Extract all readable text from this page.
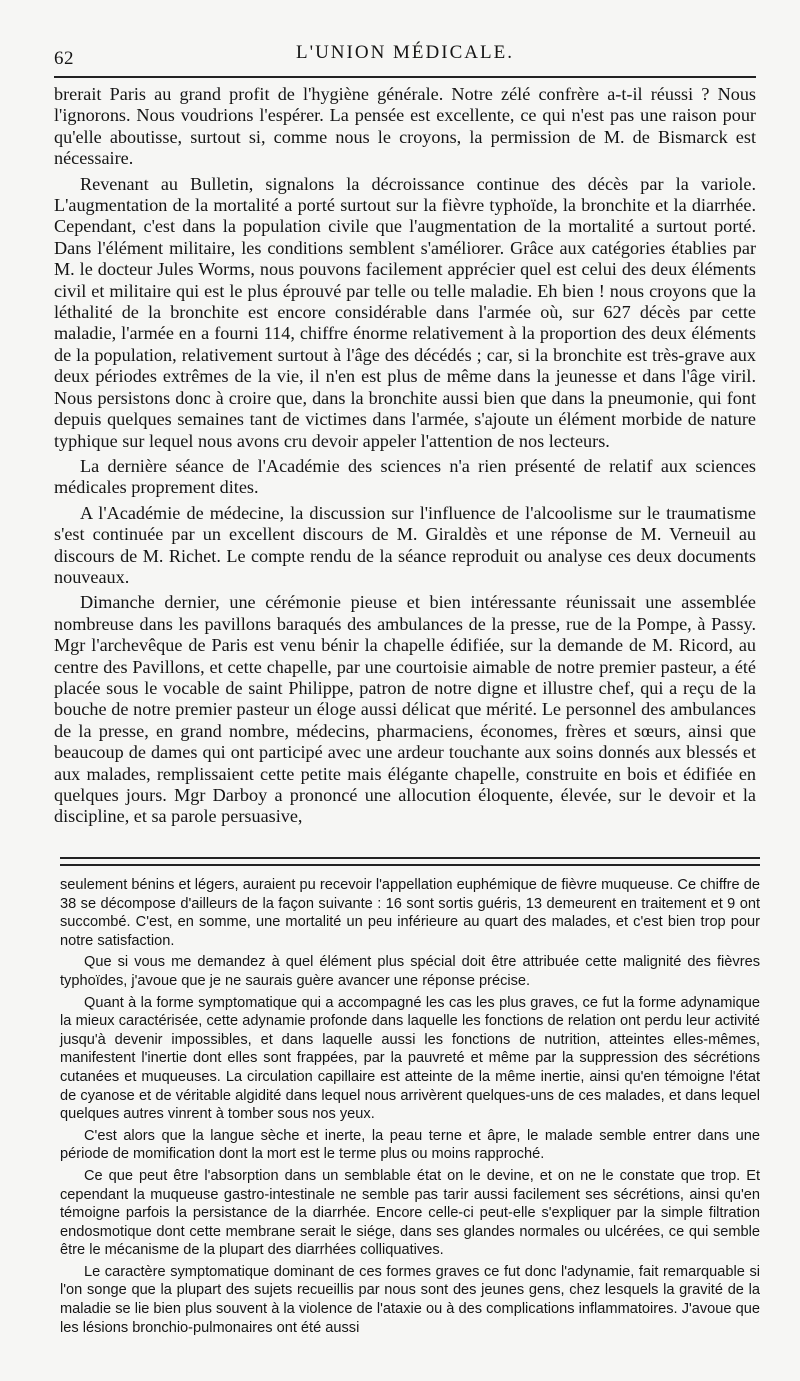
62	L'UNION MÉDICALE.

brerait Paris au grand profit de l'hygiène générale. Notre zélé confrère a-t-il réussi ? Nous l'ignorons. Nous voudrions l'espérer. La pensée est excellente, ce qui n'est pas une raison pour qu'elle aboutisse, surtout si, comme nous le croyons, la permission de M. de Bismarck est nécessaire.

Revenant au Bulletin, signalons la décroissance continue des décès par la variole. L'augmentation de la mortalité a porté surtout sur la fièvre typhoïde, la bronchite et la diarrhée. Cependant, c'est dans la population civile que l'augmentation de la mortalité a surtout porté. Dans l'élément militaire, les conditions semblent s'améliorer. Grâce aux catégories établies par M. le docteur Jules Worms, nous pouvons facilement apprécier quel est celui des deux éléments civil et militaire qui est le plus éprouvé par telle ou telle maladie. Eh bien ! nous croyons que la léthalité de la bronchite est encore considérable dans l'armée où, sur 627 décès par cette maladie, l'armée en a fourni 114, chiffre énorme relativement à la proportion des deux éléments de la population, relativement surtout à l'âge des décédés ; car, si la bronchite est très-grave aux deux périodes extrêmes de la vie, il n'en est plus de même dans la jeunesse et dans l'âge viril. Nous persistons donc à croire que, dans la bronchite aussi bien que dans la pneumonie, qui font depuis quelques semaines tant de victimes dans l'armée, s'ajoute un élément morbide de nature typhique sur lequel nous avons cru devoir appeler l'attention de nos lecteurs.

La dernière séance de l'Académie des sciences n'a rien présenté de relatif aux sciences médicales proprement dites.

A l'Académie de médecine, la discussion sur l'influence de l'alcoolisme sur le traumatisme s'est continuée par un excellent discours de M. Giraldès et une réponse de M. Verneuil au discours de M. Richet. Le compte rendu de la séance reproduit ou analyse ces deux documents nouveaux.

Dimanche dernier, une cérémonie pieuse et bien intéressante réunissait une assemblée nombreuse dans les pavillons baraqués des ambulances de la presse, rue de la Pompe, à Passy. Mgr l'archevêque de Paris est venu bénir la chapelle édifiée, sur la demande de M. Ricord, au centre des Pavillons, et cette chapelle, par une courtoisie aimable de notre premier pasteur, a été placée sous le vocable de saint Philippe, patron de notre digne et illustre chef, qui a reçu de la bouche de notre premier pasteur un éloge aussi délicat que mérité. Le personnel des ambulances de la presse, en grand nombre, médecins, pharmaciens, économes, frères et sœurs, ainsi que beaucoup de dames qui ont participé avec une ardeur touchante aux soins donnés aux blessés et aux malades, remplissaient cette petite mais élégante chapelle, construite en bois et édifiée en quelques jours. Mgr Darboy a prononcé une allocution éloquente, élevée, sur le devoir et la discipline, et sa parole persuasive,

seulement bénins et légers, auraient pu recevoir l'appellation euphémique de fièvre muqueuse. Ce chiffre de 38 se décompose d'ailleurs de la façon suivante : 16 sont sortis guéris, 13 demeurent en traitement et 9 ont succombé. C'est, en somme, une mortalité un peu inférieure au quart des malades, et c'est bien trop pour notre satisfaction.

Que si vous me demandez à quel élément plus spécial doit être attribuée cette malignité des fièvres typhoïdes, j'avoue que je ne saurais guère avancer une réponse précise.

Quant à la forme symptomatique qui a accompagné les cas les plus graves, ce fut la forme adynamique la mieux caractérisée, cette adynamie profonde dans laquelle les fonctions de relation ont perdu leur activité jusqu'à devenir impossibles, et dans laquelle aussi les fonctions de nutrition, atteintes elles-mêmes, manifestent l'inertie dont elles sont frappées, par la pauvreté et même par la suppression des sécrétions cutanées et muqueuses. La circulation capillaire est atteinte de la même inertie, ainsi qu'en témoigne l'état de cyanose et de véritable algidité dans lequel nous arrivèrent quelques-uns de ces malades, et dans lequel quelques autres vinrent à tomber sous nos yeux.

C'est alors que la langue sèche et inerte, la peau terne et âpre, le malade semble entrer dans une période de momification dont la mort est le terme plus ou moins rapproché.

Ce que peut être l'absorption dans un semblable état on le devine, et on ne le constate que trop. Et cependant la muqueuse gastro-intestinale ne semble pas tarir aussi facilement ses sécrétions, ainsi qu'en témoigne parfois la persistance de la diarrhée. Encore celle-ci peut-elle s'expliquer par la simple filtration endosmotique dont cette membrane serait le siége, dans ses glandes normales ou ulcérées, ce qui semble être le mécanisme de la plupart des diarrhées colliquatives.

Le caractère symptomatique dominant de ces formes graves ce fut donc l'adynamie, fait remarquable si l'on songe que la plupart des sujets recueillis par nous sont des jeunes gens, chez lesquels la gravité de la maladie se lie bien plus souvent à la violence de l'ataxie ou à des complications inflammatoires. J'avoue que les lésions bronchio-pulmonaires ont été aussi
